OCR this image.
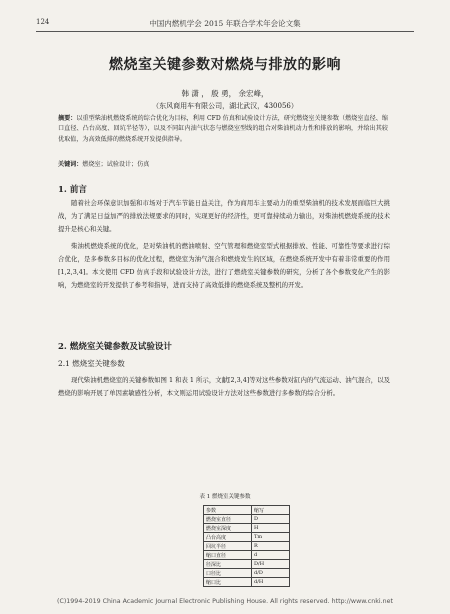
124	中国内燃机学会 2015 年联合学术年会论文集
燃烧室关键参数对燃烧与排放的影响
韩 潇 ， 殷 勇， 余宏峰，
（东风商用车有限公司，湖北武汉，430056）
摘要：以重型柴油机燃烧系统的综合优化为目标，利用 CFD 仿真和试验设计方法，研究燃烧室关键参数（燃烧室直径、缩口直径、凸台高度、回坑半径等），以及不同缸内油气状态与燃烧室型线的组合对柴油机动力性和排放的影响，并给出其较优取值，为高效低排的燃烧系统开发提供指导。
关键词：燃烧室；试验设计；仿真
1. 前言
随着社会环保意识加强和市场对于汽车节能日益关注，作为商用车主要动力的重型柴油机的技术发展面临巨大挑战，为了满足日益加严的排放法规要求的同时，实现更好的经济性，更可靠持续动力输出，对柴油机燃烧系统的技术提升是核心和关键。
柴油机燃烧系统的优化，是对柴油机的燃油喷射、空气管理和燃烧室型式根据排放、性能、可靠性等要求进行综合优化，是多参数多目标的优化过程，燃烧室为油气混合和燃烧发生的区域，在燃烧系统开发中有着非常重要的作用[1,2,3,4]。本文使用 CFD 仿真手段和试验设计方法，进行了燃烧室关键参数的研究，分析了各个参数变化产生的影响，为燃烧室的开发提供了参考和指导，进而支持了高效低排的燃烧系统及整机的开发。
2. 燃烧室关键参数及试验设计
2.1 燃烧室关键参数
现代柴油机燃烧室的关键参数如图 1 和表 1 所示，文献[2,3,4]等对这些参数对缸内的气流运动、油气混合，以及燃烧的影响开展了单因素敏感性分析，本文则运用试验设计方法对这些参数进行多参数的综合分析。
表 1 燃烧室关键参数
参数	缩写
燃烧室直径	D
燃烧室深度	H
凸台高度	Tm
回坑半径	R
缩口直径	d
径深比	D/H
口径比	d/D
缩口比	d/H
(C)1994-2019 China Academic Journal Electronic Publishing House. All rights reserved. http://www.cnki.net
